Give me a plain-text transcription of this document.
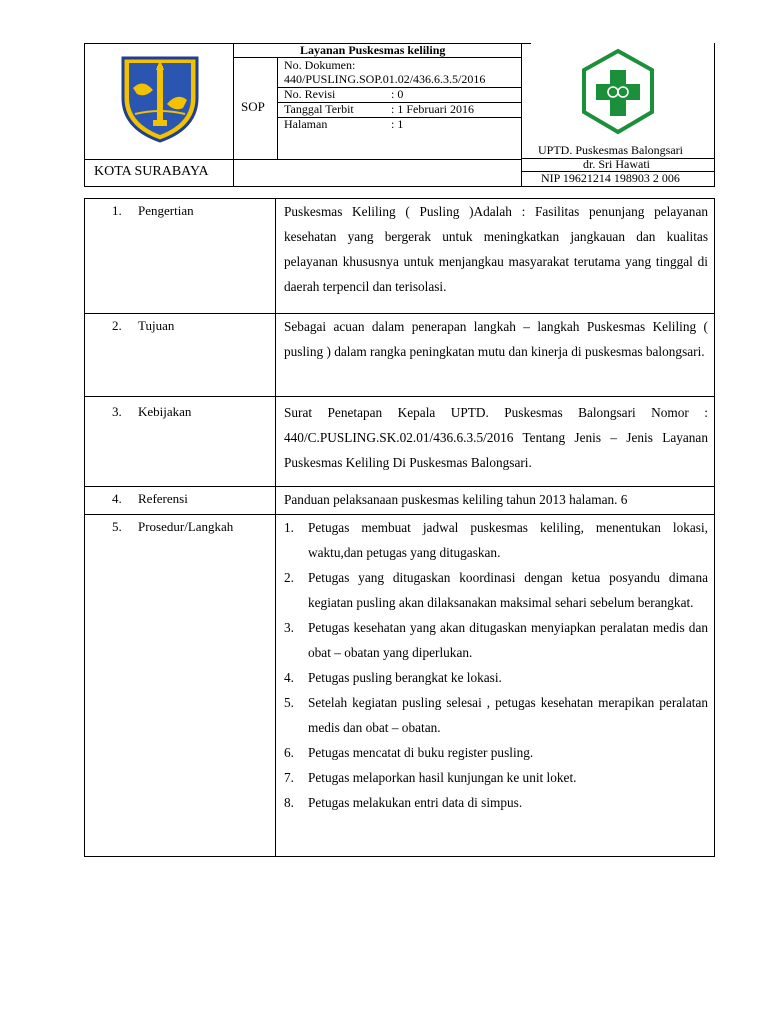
Layanan Puskesmas keliling
SOP
No. Dokumen:
440/PUSLING.SOP.01.02/436.6.3.5/2016
No. Revisi	: 0
Tanggal Terbit	: 1 Februari 2016
Halaman	: 1
KOTA SURABAYA
UPTD. Puskesmas Balongsari
dr. Sri Hawati
NIP 19621214 198903 2 006
1. Pengertian	Puskesmas Keliling ( Pusling )Adalah : Fasilitas penunjang pelayanan kesehatan yang bergerak untuk meningkatkan jangkauan dan kualitas pelayanan khususnya untuk menjangkau masyarakat terutama yang tinggal di daerah terpencil dan terisolasi.
2. Tujuan	Sebagai acuan dalam penerapan langkah – langkah Puskesmas Keliling ( pusling ) dalam rangka peningkatan mutu dan kinerja di puskesmas balongsari.
3. Kebijakan	Surat Penetapan Kepala UPTD. Puskesmas Balongsari Nomor : 440/C.PUSLING.SK.02.01/436.6.3.5/2016 Tentang Jenis – Jenis Layanan Puskesmas Keliling Di Puskesmas Balongsari.
4. Referensi	Panduan pelaksanaan puskesmas keliling tahun 2013 halaman. 6
5. Prosedur/Langkah	1. Petugas membuat jadwal puskesmas keliling, menentukan lokasi, waktu,dan petugas yang ditugaskan.
2. Petugas yang ditugaskan koordinasi dengan ketua posyandu dimana kegiatan pusling akan dilaksanakan maksimal sehari sebelum berangkat.
3. Petugas kesehatan yang akan ditugaskan menyiapkan peralatan medis dan obat – obatan yang diperlukan.
4. Petugas pusling berangkat ke lokasi.
5. Setelah kegiatan pusling selesai , petugas kesehatan merapikan peralatan medis dan obat – obatan.
6. Petugas mencatat di buku register pusling.
7. Petugas melaporkan hasil kunjungan ke unit loket.
8. Petugas melakukan entri data di simpus.
